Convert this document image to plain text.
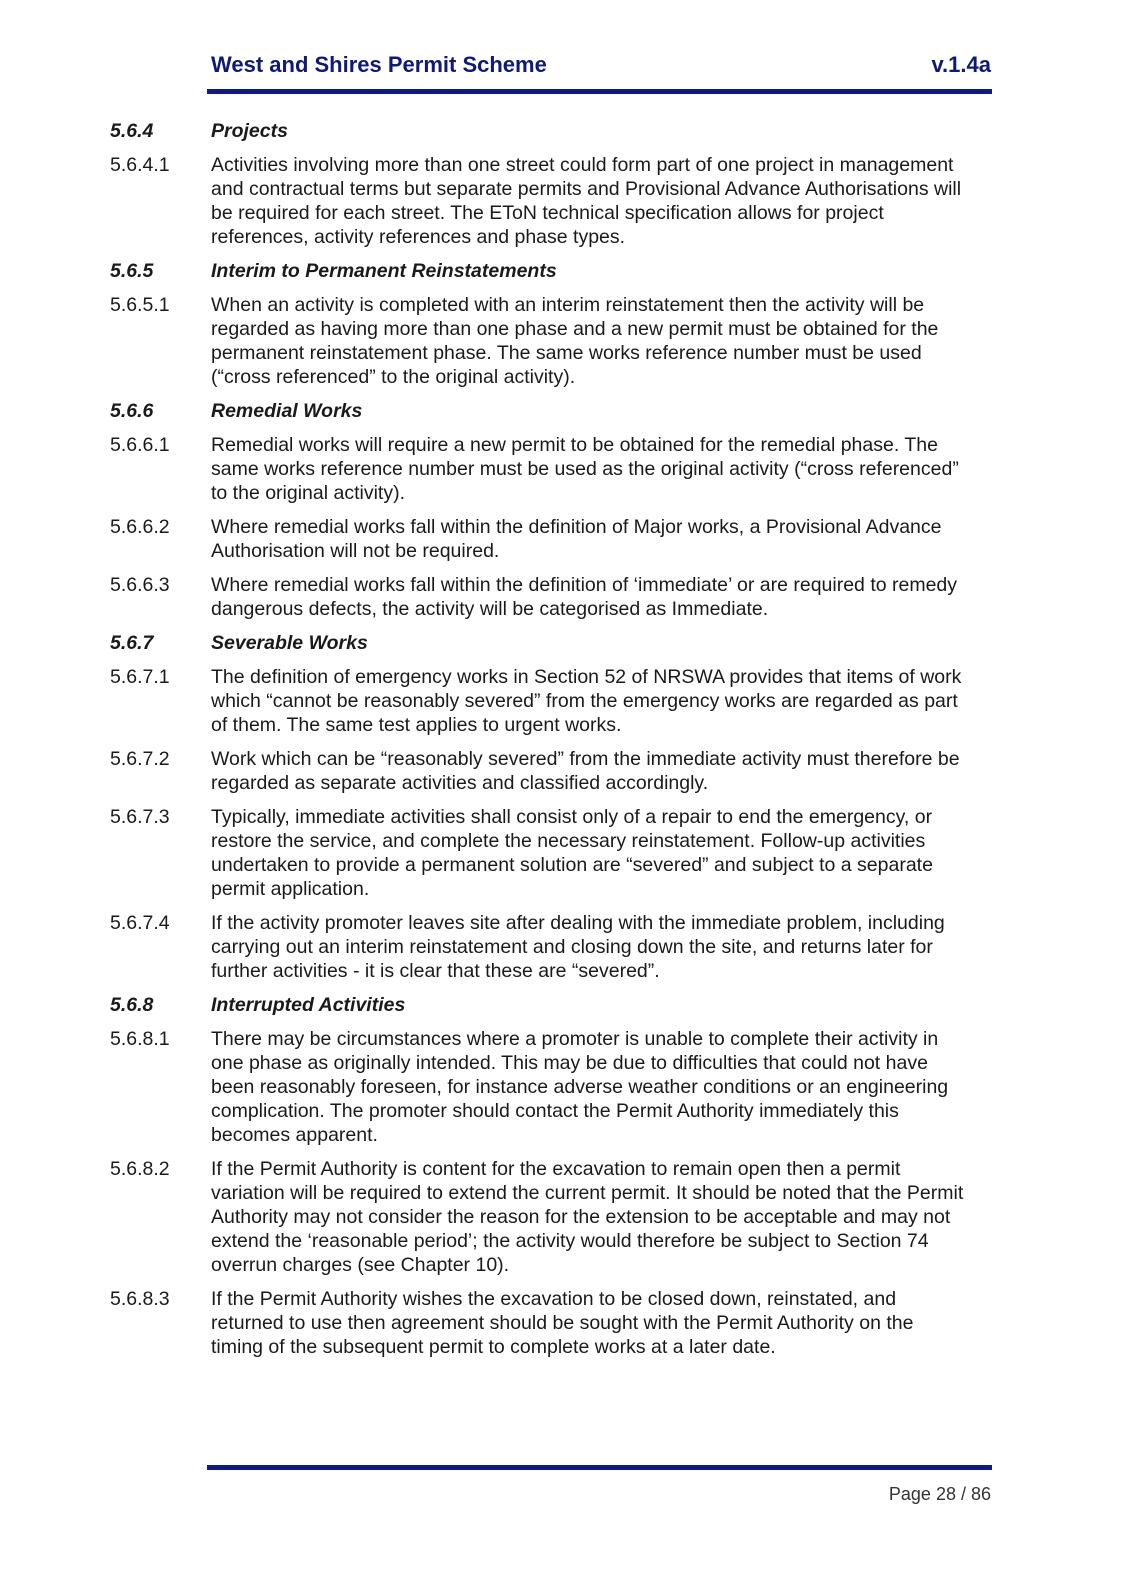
West and Shires Permit Scheme	v.1.4a
5.6.4	Projects
5.6.4.1	Activities involving more than one street could form part of one project in management and contractual terms but separate permits and Provisional Advance Authorisations will be required for each street. The EToN technical specification allows for project references, activity references and phase types.
5.6.5	Interim to Permanent Reinstatements
5.6.5.1	When an activity is completed with an interim reinstatement then the activity will be regarded as having more than one phase and a new permit must be obtained for the permanent reinstatement phase. The same works reference number must be used (“cross referenced” to the original activity).
5.6.6	Remedial Works
5.6.6.1	Remedial works will require a new permit to be obtained for the remedial phase. The same works reference number must be used as the original activity (“cross referenced” to the original activity).
5.6.6.2	Where remedial works fall within the definition of Major works, a Provisional Advance Authorisation will not be required.
5.6.6.3	Where remedial works fall within the definition of ‘immediate’ or are required to remedy dangerous defects, the activity will be categorised as Immediate.
5.6.7	Severable Works
5.6.7.1	The definition of emergency works in Section 52 of NRSWA provides that items of work which “cannot be reasonably severed” from the emergency works are regarded as part of them. The same test applies to urgent works.
5.6.7.2	Work which can be “reasonably severed” from the immediate activity must therefore be regarded as separate activities and classified accordingly.
5.6.7.3	Typically, immediate activities shall consist only of a repair to end the emergency, or restore the service, and complete the necessary reinstatement. Follow-up activities undertaken to provide a permanent solution are “severed” and subject to a separate permit application.
5.6.7.4	If the activity promoter leaves site after dealing with the immediate problem, including carrying out an interim reinstatement and closing down the site, and returns later for further activities - it is clear that these are “severed”.
5.6.8	Interrupted Activities
5.6.8.1	There may be circumstances where a promoter is unable to complete their activity in one phase as originally intended. This may be due to difficulties that could not have been reasonably foreseen, for instance adverse weather conditions or an engineering complication. The promoter should contact the Permit Authority immediately this becomes apparent.
5.6.8.2	If the Permit Authority is content for the excavation to remain open then a permit variation will be required to extend the current permit. It should be noted that the Permit Authority may not consider the reason for the extension to be acceptable and may not extend the ‘reasonable period’; the activity would therefore be subject to Section 74 overrun charges (see Chapter 10).
5.6.8.3	If the Permit Authority wishes the excavation to be closed down, reinstated, and returned to use then agreement should be sought with the Permit Authority on the timing of the subsequent permit to complete works at a later date.
Page 28 / 86
